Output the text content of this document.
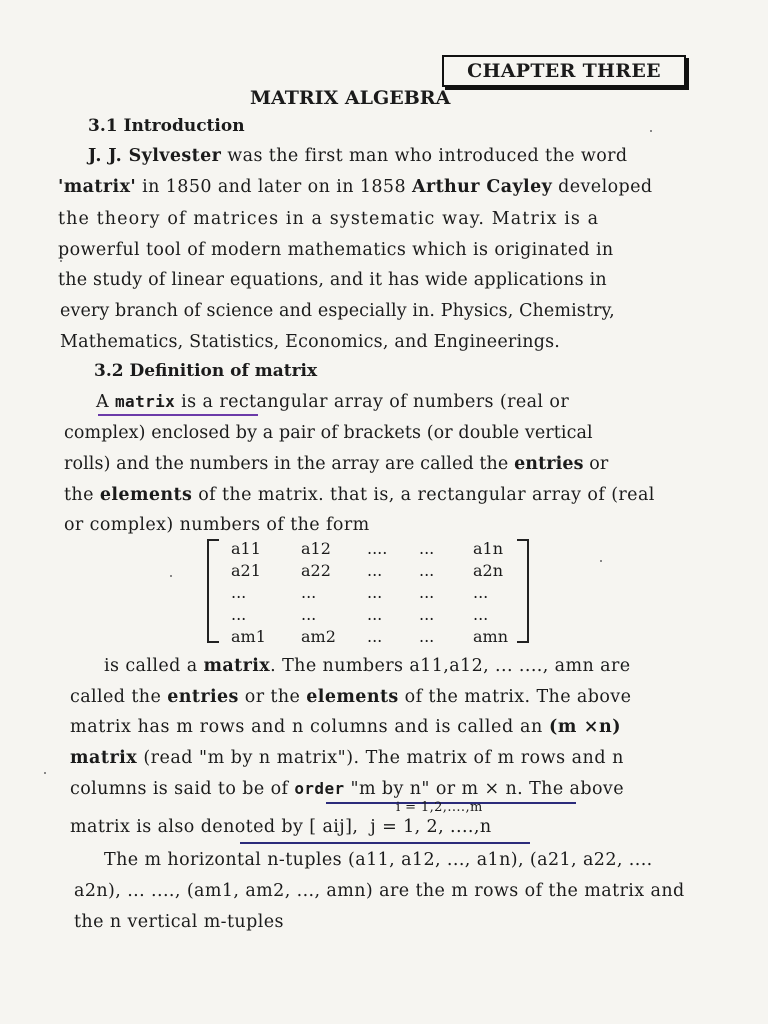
CHAPTER THREE
MATRIX ALGEBRA
3.1 Introduction
J. J. Sylvester was the first man who introduced the word
'matrix' in 1850 and later on in 1858 Arthur Cayley developed
the theory of matrices in a systematic way. Matrix is a
powerful tool of modern mathematics which is originated in
the study of linear equations, and it has wide applications in
every branch of science and especially in. Physics, Chemistry,
Mathematics, Statistics, Economics, and Engineerings.
3.2 Definition of matrix
A matrix is a rectangular array of numbers (real or
complex) enclosed by a pair of brackets (or double vertical
rolls) and the numbers in the array are called the entries or
the elements of the matrix. that is, a rectangular array of (real
or complex) numbers of the form
a11	a12 .... ... a1n
a21	a22 ... ... a2n
...	...	... ... ...
...	...	... ... ...
am1 am2 ... ... amn
is called a matrix. The numbers a11,a12, ... ...., amn are
called the entries or the elements of the matrix. The above
matrix has m rows and n columns and is called an (m ×n)
matrix (read "m by n matrix"). The matrix of m rows and n
columns is said to be of order "m by n" or m × n. The above
i = 1,2,....,m
matrix is also denoted by [ aij], j = 1, 2, ....,n
The m horizontal n-tuples (a11, a12, ..., a1n), (a21, a22, ....
a2n), ... ...., (am1, am2, ..., amn) are the m rows of the matrix and
the n vertical m-tuples
